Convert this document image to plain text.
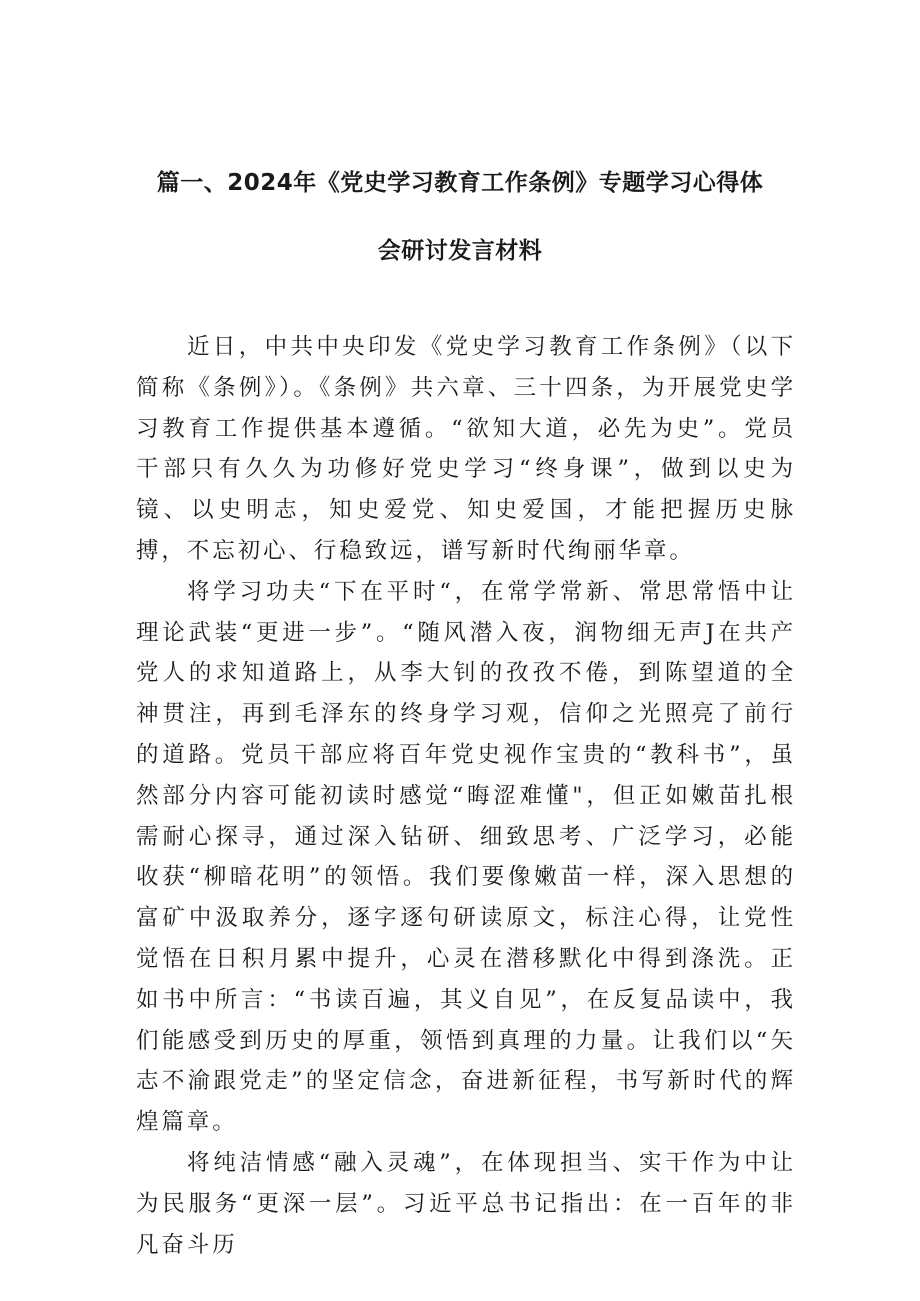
篇一、2024年《党史学习教育工作条例》专题学习心得体
会研讨发言材料

近日，中共中央印发《党史学习教育工作条例》（以下简称《条例》）。《条例》共六章、三十四条，为开展党史学习教育工作提供基本遵循。“欲知大道，必先为史”。党员干部只有久久为功修好党史学习“终身课”，做到以史为镜、以史明志，知史爱党、知史爱国，才能把握历史脉搏，不忘初心、行稳致远，谱写新时代绚丽华章。

将学习功夫“下在平时“，在常学常新、常思常悟中让理论武装“更进一步”。“随风潜入夜，润物细无声J在共产党人的求知道路上，从李大钊的孜孜不倦，到陈望道的全神贯注，再到毛泽东的终身学习观，信仰之光照亮了前行的道路。党员干部应将百年党史视作宝贵的“教科书”，虽然部分内容可能初读时感觉“晦涩难懂"，但正如嫩苗扎根需耐心探寻，通过深入钻研、细致思考、广泛学习，必能收获“柳暗花明”的领悟。我们要像嫩苗一样，深入思想的富矿中汲取养分，逐字逐句研读原文，标注心得，让党性觉悟在日积月累中提升，心灵在潜移默化中得到涤洗。正如书中所言：“书读百遍，其义自见”，在反复品读中，我们能感受到历史的厚重，领悟到真理的力量。让我们以“矢志不渝跟党走”的坚定信念，奋进新征程，书写新时代的辉煌篇章。

将纯洁情感“融入灵魂”，在体现担当、实干作为中让为民服务“更深一层”。习近平总书记指出：在一百年的非凡奋斗历
